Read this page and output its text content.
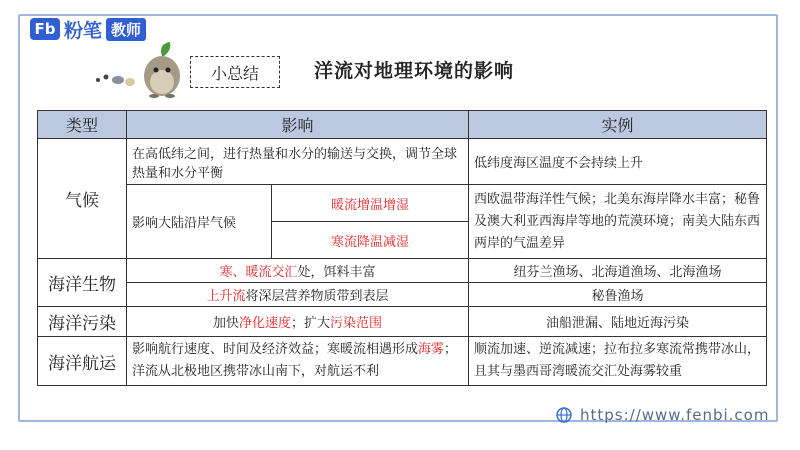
Fb 粉笔 教师
小总结	洋流对地理环境的影响
类型	影响		实例
气候	在高低纬之间，进行热量和水分的输送与交换，调节全球热量和水分平衡		低纬度海区温度不会持续上升
	影响大陆沿岸气候	暖流增温增湿	西欧温带海洋性气候；北美东海岸降水丰富；秘鲁及澳大利亚西海岸等地的荒漠环境；南美大陆东西两岸的气温差异
		寒流降温减湿	
海洋生物	寒、暖流交汇处，饵料丰富		纽芬兰渔场、北海道渔场、北海渔场
	上升流将深层营养物质带到表层		秘鲁渔场
海洋污染	加快净化速度；扩大污染范围		油船泄漏、陆地近海污染
海洋航运	影响航行速度、时间及经济效益；寒暖流相遇形成海雾；洋流从北极地区携带冰山南下，对航运不利		顺流加速、逆流减速；拉布拉多寒流常携带冰山，且其与墨西哥湾暖流交汇处海雾较重
https://www.fenbi.com
